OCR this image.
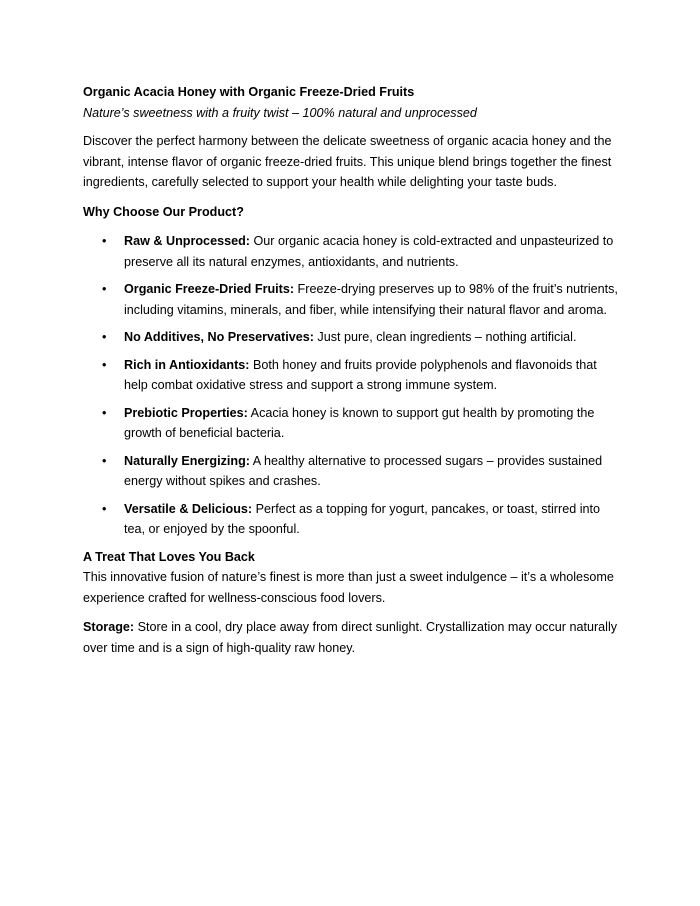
Organic Acacia Honey with Organic Freeze-Dried Fruits

Nature’s sweetness with a fruity twist – 100% natural and unprocessed

Discover the perfect harmony between the delicate sweetness of organic acacia honey and the vibrant, intense flavor of organic freeze-dried fruits. This unique blend brings together the finest ingredients, carefully selected to support your health while delighting your taste buds.

Why Choose Our Product?

• Raw & Unprocessed: Our organic acacia honey is cold-extracted and unpasteurized to preserve all its natural enzymes, antioxidants, and nutrients.
• Organic Freeze-Dried Fruits: Freeze-drying preserves up to 98% of the fruit’s nutrients, including vitamins, minerals, and fiber, while intensifying their natural flavor and aroma.
• No Additives, No Preservatives: Just pure, clean ingredients – nothing artificial.
• Rich in Antioxidants: Both honey and fruits provide polyphenols and flavonoids that help combat oxidative stress and support a strong immune system.
• Prebiotic Properties: Acacia honey is known to support gut health by promoting the growth of beneficial bacteria.
• Naturally Energizing: A healthy alternative to processed sugars – provides sustained energy without spikes and crashes.
• Versatile & Delicious: Perfect as a topping for yogurt, pancakes, or toast, stirred into tea, or enjoyed by the spoonful.

A Treat That Loves You Back

This innovative fusion of nature’s finest is more than just a sweet indulgence – it’s a wholesome experience crafted for wellness-conscious food lovers.

Storage: Store in a cool, dry place away from direct sunlight. Crystallization may occur naturally over time and is a sign of high-quality raw honey.
